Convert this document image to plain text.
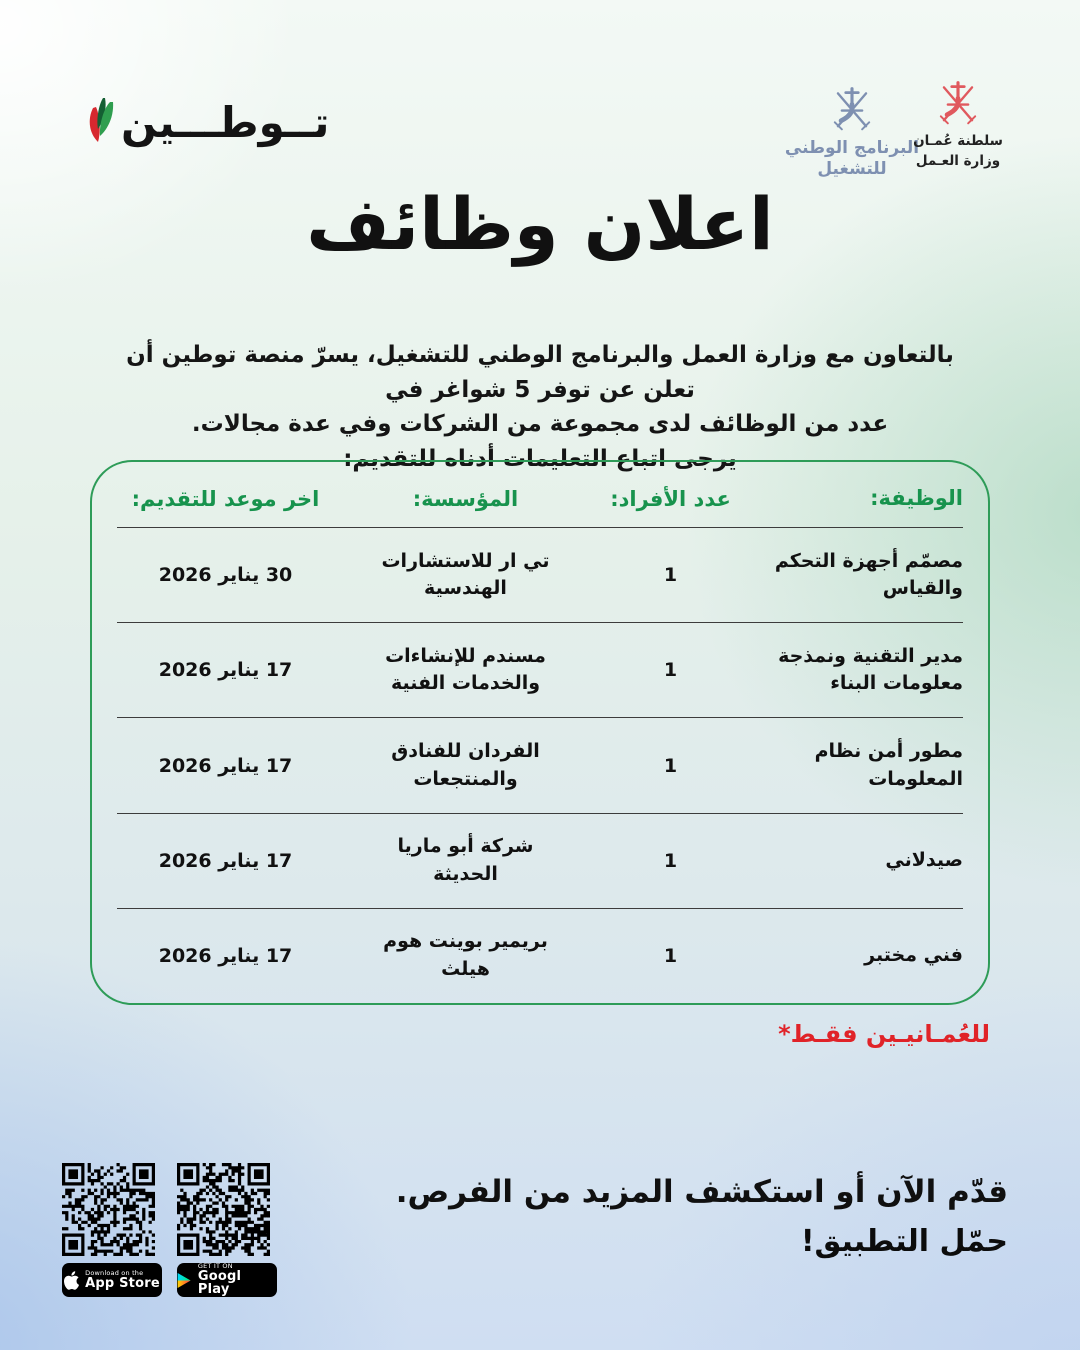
تــوطـــين
البرنامج الوطني
للتشغيل
سلطنة عُمـان
وزارة العـمل
اعلان وظائف
بالتعاون مع وزارة العمل والبرنامج الوطني للتشغيل، يسرّ منصة توطين أن تعلن عن توفر 5 شواغر في
عدد من الوظائف لدى مجموعة من الشركات وفي عدة مجالات.
يرجى اتباع التعليمات أدناه للتقديم:
الوظيفة:
عدد الأفراد:
المؤسسة:
اخر موعد للتقديم:
مصمّم أجهزة التحكم والقياس
1
تي ار للاستشارات الهندسية
30 يناير 2026
مدير التقنية ونمذجة معلومات البناء
1
مسندم للإنشاءات والخدمات الفنية
17 يناير 2026
مطور أمن نظام المعلومات
1
الفردان للفنادق والمنتجعات
17 يناير 2026
صيدلاني
1
شركة أبو ماريا الحديثة
17 يناير 2026
فني مختبر
1
بريمير بوينت هوم هيلث
17 يناير 2026
للعُمـانيـين فقـط*
قدّم الآن أو استكشف المزيد من الفرص.
حمّل التطبيق!
Download on the
App Store
GET IT ON
Googl Play
